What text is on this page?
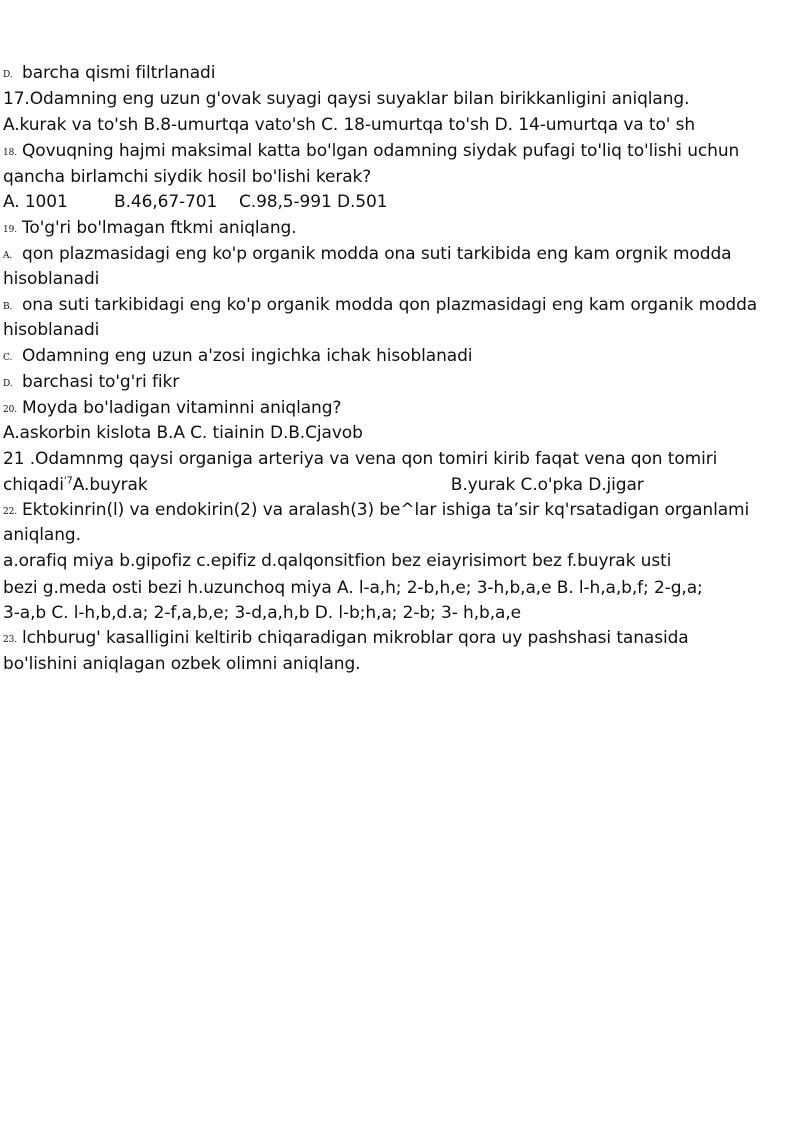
D. barcha qismi filtrlanadi
17.Odamning eng uzun g'ovak suyagi qaysi suyaklar bilan birikkanligini aniqlang.
A.kurak va to'sh B.8-umurtqa vato'sh C. 18-umurtqa to'sh D. 14-umurtqa va to' sh
18. Qovuqning hajmi maksimal katta bo'lgan odamning siydak pufagi to'liq to'lishi uchun
qancha birlamchi siydik hosil bo'lishi kerak?
A. 1001	B.46,67-701 C.98,5-991 D.501
19. To'g'ri bo'lmagan ftkmi aniqlang.
A. qon plazmasidagi eng ko'p organik modda ona suti tarkibida eng kam orgnik modda
hisoblanadi
B. ona suti tarkibidagi eng ko'p organik modda qon plazmasidagi eng kam organik modda
hisoblanadi
C. Odamning eng uzun a'zosi ingichka ichak hisoblanadi
D. barchasi to'g'ri fikr
20. Moyda bo'ladigan vitaminni aniqlang?
A.askorbin kislota B.A C. tiainin D.B.Cjavob
21 .Odamnmg qaysi organiga arteriya va vena qon tomiri kirib faqat vena qon tomiri
chiqadi$^{'7}$A.buyrak	B.yurak C.o'pka D.jigar
22. Ektokinrin(l) va endokirin(2) va aralash(3) be^lar ishiga ta’sir kq'rsatadigan organlami
aniqlang.
a.orafiq miya b.gipofiz c.epifiz d.qalqonsitfion bez eiayrisimort bez f.buyrak usti
bezi g.meda osti bezi h.uzunchoq miya A. l-a,h; 2-b,h,e; 3-h,b,a,e B. l-h,a,b,f; 2-g,a;
3-a,b C. l-h,b,d.a; 2-f,a,b,e; 3-d,a,h,b D. l-b;h,a; 2-b; 3- h,b,a,e
23. lchburug' kasalligini keltirib chiqaradigan mikroblar qora uy pashshasi tanasida
bo'lishini aniqlagan ozbek olimni aniqlang.
